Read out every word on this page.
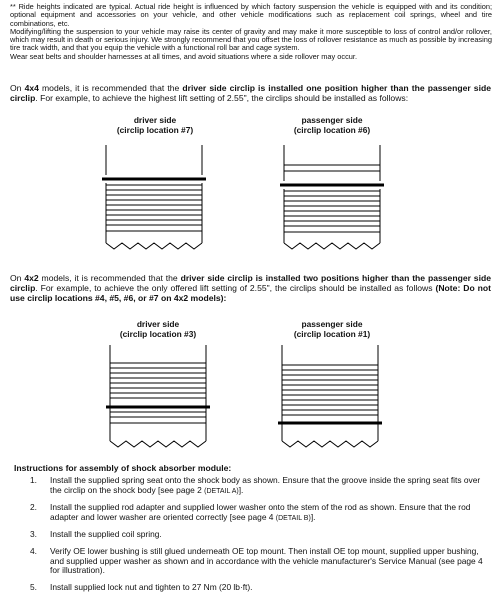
** Ride heights indicated are typical. Actual ride height is influenced by which factory suspension the vehicle is equipped with and its condition; optional equipment and accessories on your vehicle, and other vehicle modifications such as replacement coil springs, wheel and tire combinations, etc.

Modifying/lifting the suspension to your vehicle may raise its center of gravity and may make it more susceptible to loss of control and/or rollover, which may result in death or serious injury. We strongly recommend that you offset the loss of rollover resistance as much as possible by increasing tire track width, and that you equip the vehicle with a functional roll bar and cage system.

Wear seat belts and shoulder harnesses at all times, and avoid situations where a side rollover may occur.

On 4x4 models, it is recommended that the driver side circlip is installed one position higher than the passenger side circlip. For example, to achieve the highest lift setting of 2.55", the circlips should be installed as follows:
driver side
(circlip location #7)
passenger side
(circlip location #6)
On 4x2 models, it is recommended that the driver side circlip is installed two positions higher than the passenger side circlip. For example, to achieve the only offered lift setting of 2.55", the circlips should be installed as follows (Note: Do not use circlip locations #4, #5, #6, or #7 on 4x2 models):
driver side
(circlip location #3)
passenger side
(circlip location #1)
Instructions for assembly of shock absorber module:
1. Install the supplied spring seat onto the shock body as shown. Ensure that the groove inside the spring seat fits over the circlip on the shock body [see page 2 (DETAIL A)].
2. Install the supplied rod adapter and supplied lower washer onto the stem of the rod as shown. Ensure that the rod adapter and lower washer are oriented correctly [see page 4 (DETAIL B)].
3. Install the supplied coil spring.
4. Verify OE lower bushing is still glued underneath OE top mount. Then install OE top mount, supplied upper bushing, and supplied upper washer as shown and in accordance with the vehicle manufacturer's Service Manual (see page 4 for illustration).
5. Install supplied lock nut and tighten to 27 Nm (20 lb·ft).
